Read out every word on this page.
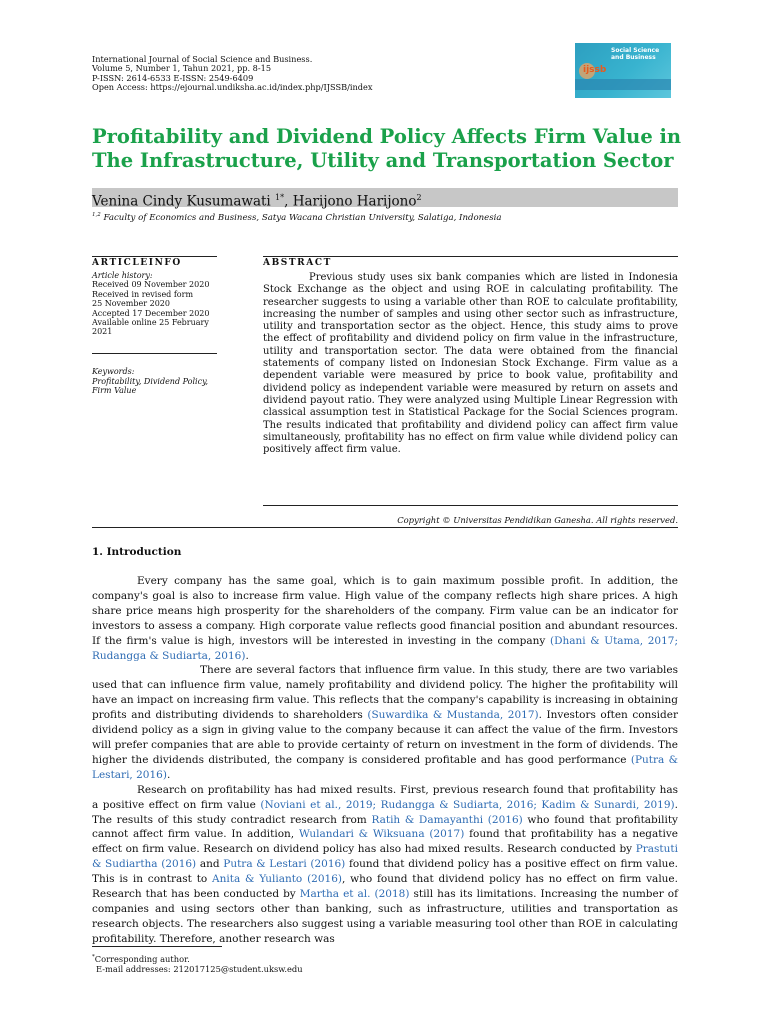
International Journal of Social Science and Business.
Volume 5, Number 1, Tahun 2021, pp. 8-15
P-ISSN: 2614-6533 E-ISSN: 2549-6409
Open Access: https://ejournal.undiksha.ac.id/index.php/IJSSB/index
Social Science and Business
ijssb
Profitability and Dividend Policy Affects Firm Value in The Infrastructure, Utility and Transportation Sector
Venina Cindy Kusumawati $^{1*}$, Harijono Harijono$^2$
$^{1,2}$ Faculty of Economics and Business, Satya Wacana Christian University, Salatiga, Indonesia
ARTICLEINFO	ABSTRACT
Article history:
Received 09 November 2020
Received in revised form
25 November 2020
Accepted 17 December 2020
Available online 25 February
2021
Keywords:
Profitability, Dividend Policy,
Firm Value

Previous study uses six bank companies which are listed in Indonesia Stock Exchange as the object and using ROE in calculating profitability. The researcher suggests to using a variable other than ROE to calculate profitability, increasing the number of samples and using other sector such as infrastructure, utility and transportation sector as the object. Hence, this study aims to prove the effect of profitability and dividend policy on firm value in the infrastructure, utility and transportation sector. The data were obtained from the financial statements of company listed on Indonesian Stock Exchange. Firm value as a dependent variable were measured by price to book value, profitability and dividend policy as independent variable were measured by return on assets and dividend payout ratio. They were analyzed using Multiple Linear Regression with classical assumption test in Statistical Package for the Social Sciences program. The results indicated that profitability and dividend policy can affect firm value simultaneously, profitability has no effect on firm value while dividend policy can positively affect firm value.

Copyright © Universitas Pendidikan Ganesha. All rights reserved.
1. Introduction

Every company has the same goal, which is to gain maximum possible profit. In addition, the company's goal is also to increase firm value. High value of the company reflects high share prices. A high share price means high prosperity for the shareholders of the company. Firm value can be an indicator for investors to assess a company. High corporate value reflects good financial position and abundant resources. If the firm's value is high, investors will be interested in investing in the company (Dhani & Utama, 2017; Rudangga & Sudiarta, 2016).

There are several factors that influence firm value. In this study, there are two variables used that can influence firm value, namely profitability and dividend policy. The higher the profitability will have an impact on increasing firm value. This reflects that the company's capability is increasing in obtaining profits and distributing dividends to shareholders (Suwardika & Mustanda, 2017). Investors often consider dividend policy as a sign in giving value to the company because it can affect the value of the firm. Investors will prefer companies that are able to provide certainty of return on investment in the form of dividends. The higher the dividends distributed, the company is considered profitable and has good performance (Putra & Lestari, 2016).

Research on profitability has had mixed results. First, previous research found that profitability has a positive effect on firm value (Noviani et al., 2019; Rudangga & Sudiarta, 2016; Kadim & Sunardi, 2019). The results of this study contradict research from Ratih & Damayanthi (2016) who found that profitability cannot affect firm value. In addition, Wulandari & Wiksuana (2017) found that profitability has a negative effect on firm value. Research on dividend policy has also had mixed results. Research conducted by Prastuti & Sudiartha (2016) and Putra & Lestari (2016) found that dividend policy has a positive effect on firm value. This is in contrast to Anita & Yulianto (2016), who found that dividend policy has no effect on firm value. Research that has been conducted by Martha et al. (2018) still has its limitations. Increasing the number of companies and using sectors other than banking, such as infrastructure, utilities and transportation as research objects. The researchers also suggest using a variable measuring tool other than ROE in calculating profitability. Therefore, another research was

*Corresponding author.
E-mail addresses: 212017125@student.uksw.edu
